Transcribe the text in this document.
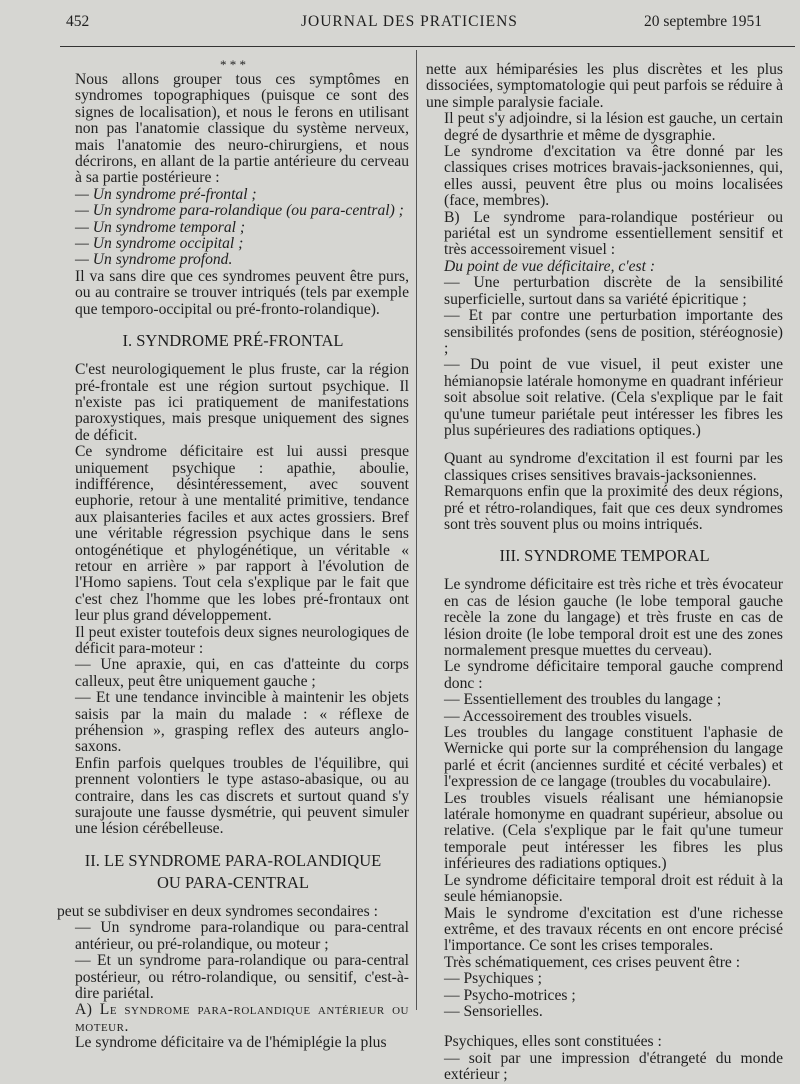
452	JOURNAL DES PRATICIENS	20 septembre 1951

* * *

Nous allons grouper tous ces symptômes en syndromes topographiques (puisque ce sont des signes de localisation), et nous le ferons en utilisant non pas l'anatomie classique du système nerveux, mais l'anatomie des neuro-chirurgiens, et nous décrirons, en allant de la partie antérieure du cerveau à sa partie postérieure :

— Un syndrome pré-frontal ;

— Un syndrome para-rolandique (ou para-central) ;

— Un syndrome temporal ;

— Un syndrome occipital ;

— Un syndrome profond.

Il va sans dire que ces syndromes peuvent être purs, ou au contraire se trouver intriqués (tels par exemple que temporo-occipital ou pré-fronto-rolandique).

I. SYNDROME PRÉ-FRONTAL

C'est neurologiquement le plus fruste, car la région pré-frontale est une région surtout psychique. Il n'existe pas ici pratiquement de manifestations paroxystiques, mais presque uniquement des signes de déficit.

Ce syndrome déficitaire est lui aussi presque uniquement psychique : apathie, aboulie, indifférence, désintéressement, avec souvent euphorie, retour à une mentalité primitive, tendance aux plaisanteries faciles et aux actes grossiers. Bref une véritable régression psychique dans le sens ontogénétique et phylogénétique, un véritable « retour en arrière » par rapport à l'évolution de l'Homo sapiens. Tout cela s'explique par le fait que c'est chez l'homme que les lobes pré-frontaux ont leur plus grand développement.

Il peut exister toutefois deux signes neurologiques de déficit para-moteur :

— Une apraxie, qui, en cas d'atteinte du corps calleux, peut être uniquement gauche ;

— Et une tendance invincible à maintenir les objets saisis par la main du malade : « réflexe de préhension », grasping reflex des auteurs anglo-saxons.

Enfin parfois quelques troubles de l'équilibre, qui prennent volontiers le type astaso-abasique, ou au contraire, dans les cas discrets et surtout quand s'y surajoute une fausse dysmétrie, qui peuvent simuler une lésion cérébelleuse.

II. LE SYNDROME PARA-ROLANDIQUE
OU PARA-CENTRAL

peut se subdiviser en deux syndromes secondaires :

— Un syndrome para-rolandique ou para-central antérieur, ou pré-rolandique, ou moteur ;

— Et un syndrome para-rolandique ou para-central postérieur, ou rétro-rolandique, ou sensitif, c'est-à-dire pariétal.

A) Le syndrome para-rolandique antérieur ou moteur.

Le syndrome déficitaire va de l'hémiplégie la plus

nette aux hémiparésies les plus discrètes et les plus dissociées, symptomatologie qui peut parfois se réduire à une simple paralysie faciale.

Il peut s'y adjoindre, si la lésion est gauche, un certain degré de dysarthrie et même de dysgraphie.

Le syndrome d'excitation va être donné par les classiques crises motrices bravais-jacksoniennes, qui, elles aussi, peuvent être plus ou moins localisées (face, membres).

B) Le syndrome para-rolandique postérieur ou pariétal est un syndrome essentiellement sensitif et très accessoirement visuel :

Du point de vue déficitaire, c'est :

— Une perturbation discrète de la sensibilité superficielle, surtout dans sa variété épicritique ;

— Et par contre une perturbation importante des sensibilités profondes (sens de position, stéréognosie) ;

— Du point de vue visuel, il peut exister une hémianopsie latérale homonyme en quadrant inférieur soit absolue soit relative. (Cela s'explique par le fait qu'une tumeur pariétale peut intéresser les fibres les plus supérieures des radiations optiques.)

Quant au syndrome d'excitation il est fourni par les classiques crises sensitives bravais-jacksoniennes.

Remarquons enfin que la proximité des deux régions, pré et rétro-rolandiques, fait que ces deux syndromes sont très souvent plus ou moins intriqués.

III. SYNDROME TEMPORAL

Le syndrome déficitaire est très riche et très évocateur en cas de lésion gauche (le lobe temporal gauche recèle la zone du langage) et très fruste en cas de lésion droite (le lobe temporal droit est une des zones normalement presque muettes du cerveau).

Le syndrome déficitaire temporal gauche comprend donc :

— Essentiellement des troubles du langage ;

— Accessoirement des troubles visuels.

Les troubles du langage constituent l'aphasie de Wernicke qui porte sur la compréhension du langage parlé et écrit (anciennes surdité et cécité verbales) et l'expression de ce langage (troubles du vocabulaire).

Les troubles visuels réalisant une hémianopsie latérale homonyme en quadrant supérieur, absolue ou relative. (Cela s'explique par le fait qu'une tumeur temporale peut intéresser les fibres les plus inférieures des radiations optiques.)

Le syndrome déficitaire temporal droit est réduit à la seule hémianopsie.

Mais le syndrome d'excitation est d'une richesse extrême, et des travaux récents en ont encore précisé l'importance. Ce sont les crises temporales.

Très schématiquement, ces crises peuvent être :

— Psychiques ;

— Psycho-motrices ;

— Sensorielles.

Psychiques, elles sont constituées :

— soit par une impression d'étrangeté du monde extérieur ;
